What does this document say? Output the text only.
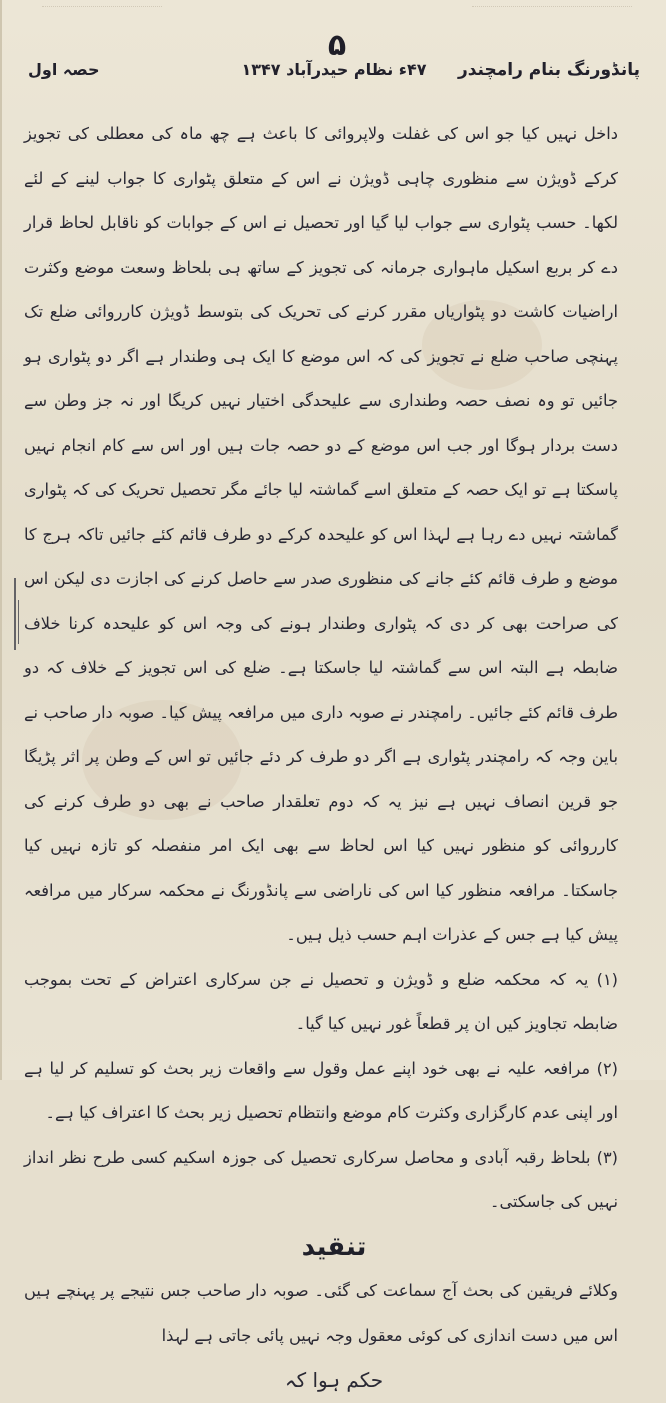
۵
پانڈورنگ بنام رامچندر
۴۷ء نظام حیدرآباد ۱۳۴۷
حصہ اول

داخل نہیں کیا جو اس کی غفلت ولاپروائی کا باعث ہے چھ ماہ کی معطلی کی تجویز کرکے ڈویژن سے منظوری چاہی ڈویژن نے اس کے متعلق پٹواری کا جواب لینے کے لئے لکھا۔ حسب پٹواری سے جواب لیا گیا اور تحصیل نے اس کے جوابات کو ناقابل لحاظ قرار دے کر بربع اسکیل ماہواری جرمانہ کی تجویز کے ساتھ ہی بلحاظ وسعت موضع وکثرت اراضیات کاشت دو پٹواریاں مقرر کرنے کی تحریک کی بتوسط ڈویژن کارروائی ضلع تک پہنچی صاحب ضلع نے تجویز کی کہ اس موضع کا ایک ہی وطندار ہے اگر دو پٹواری ہو جائیں تو وہ نصف حصہ وطنداری سے علیحدگی اختیار نہیں کریگا اور نہ جز وطن سے دست بردار ہوگا اور جب اس موضع کے دو حصہ جات ہیں اور اس سے کام انجام نہیں پاسکتا ہے تو ایک حصہ کے متعلق اسے گماشتہ لیا جائے مگر تحصیل تحریک کی کہ پٹواری گماشتہ نہیں دے رہا ہے لہذا اس کو علیحدہ کرکے دو طرف قائم کئے جائیں تاکہ ہرج کا موضع و طرف قائم کئے جانے کی منظوری صدر سے حاصل کرنے کی اجازت دی لیکن اس کی صراحت بھی کر دی کہ پٹواری وطندار ہونے کی وجہ اس کو علیحدہ کرنا خلاف ضابطہ ہے البتہ اس سے گماشتہ لیا جاسکتا ہے۔ ضلع کی اس تجویز کے خلاف کہ دو طرف قائم کئے جائیں۔ رامچندر نے صوبہ داری میں مرافعہ پیش کیا۔ صوبہ دار صاحب نے باین وجہ کہ رامچندر پٹواری ہے اگر دو طرف کر دئے جائیں تو اس کے وطن پر اثر پڑیگا جو قرین انصاف نہیں ہے نیز یہ کہ دوم تعلقدار صاحب نے بھی دو طرف کرنے کی کارروائی کو منظور نہیں کیا اس لحاظ سے بھی ایک امر منفصلہ کو تازہ نہیں کیا جاسکتا۔ مرافعہ منظور کیا اس کی ناراضی سے پانڈورنگ نے محکمہ سرکار میں مرافعہ پیش کیا ہے جس کے عذرات اہم حسب ذیل ہیں۔

(۱) یہ کہ محکمہ ضلع و ڈویژن و تحصیل نے جن سرکاری اعتراض کے تحت بموجب ضابطہ تجاویز کیں ان پر قطعاً غور نہیں کیا گیا۔

(۲) مرافعہ علیہ نے بھی خود اپنے عمل وقول سے واقعات زیر بحث کو تسلیم کر لیا ہے اور اپنی عدم کارگزاری وکثرت کام موضع وانتظام تحصیل زیر بحث کا اعتراف کیا ہے۔

(۳) بلحاظ رقبہ آبادی و محاصل سرکاری تحصیل کی جوزہ اسکیم کسی طرح نظر انداز نہیں کی جاسکتی۔

تنقید

وکلائے فریقین کی بحث آج سماعت کی گئی۔ صوبہ دار صاحب جس نتیجے پر پہنچے ہیں اس میں دست اندازی کی کوئی معقول وجہ نہیں پائی جاتی ہے لہذا

حکم ہوا کہ
